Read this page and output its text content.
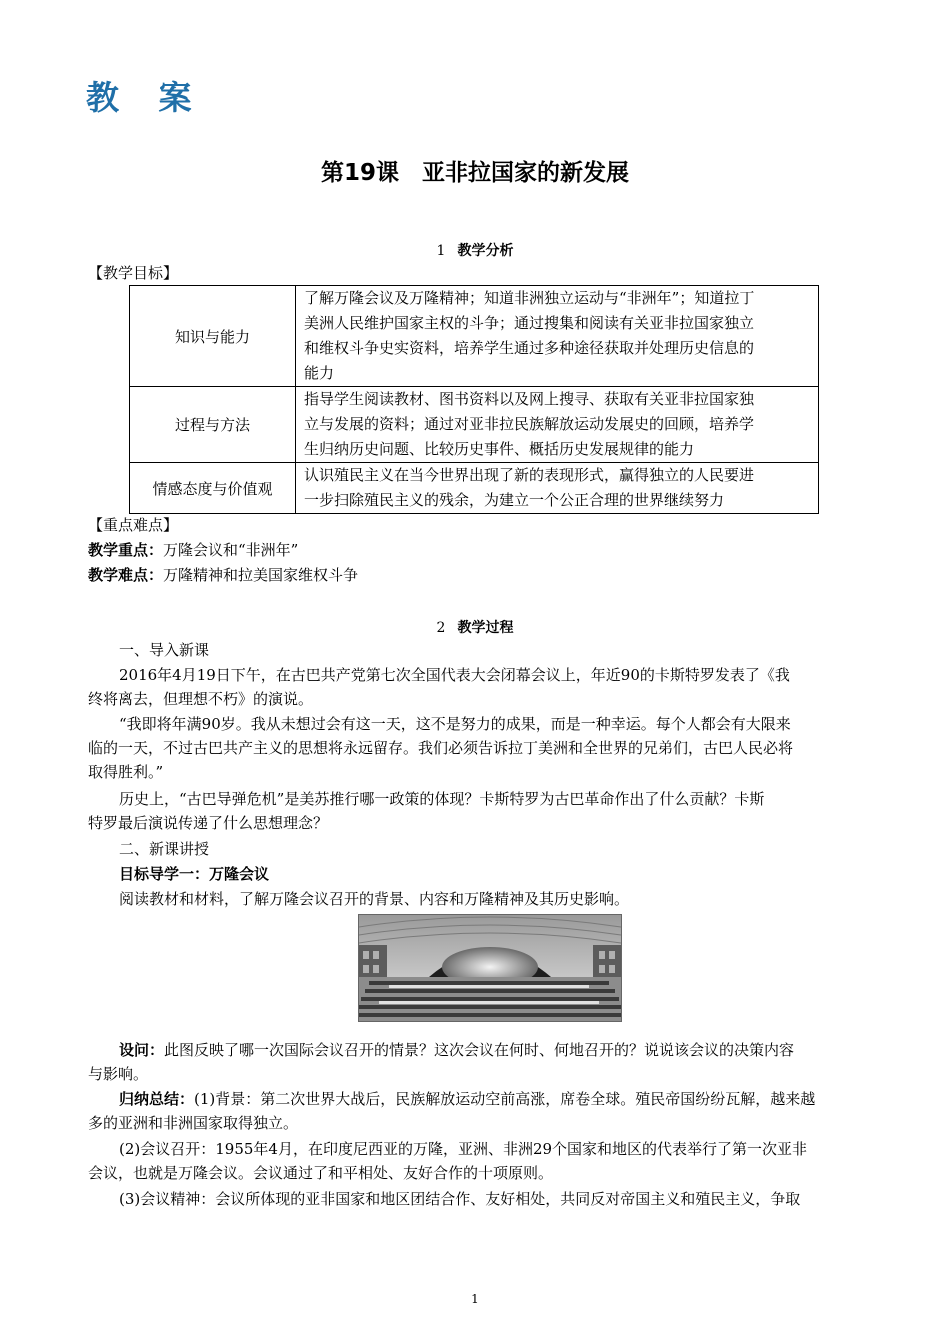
教 案
第19课　亚非拉国家的新发展
1 教学分析
【教学目标】
知识与能力	了解万隆会议及万隆精神；知道非洲独立运动与“非洲年”；知道拉丁
美洲人民维护国家主权的斗争；通过搜集和阅读有关亚非拉国家独立
和维权斗争史实资料，培养学生通过多种途径获取并处理历史信息的
能力

过程与方法	指导学生阅读教材、图书资料以及网上搜寻、获取有关亚非拉国家独
立与发展的资料；通过对亚非拉民族解放运动发展史的回顾，培养学
生归纳历史问题、比较历史事件、概括历史发展规律的能力

情感态度与价值观	认识殖民主义在当今世界出现了新的表现形式，赢得独立的人民要进
一步扫除殖民主义的残余，为建立一个公正合理的世界继续努力
【重点难点】
教学重点：万隆会议和“非洲年”
教学难点：万隆精神和拉美国家维权斗争
2 教学过程
一、导入新课
2016年4月19日下午，在古巴共产党第七次全国代表大会闭幕会议上，年近90的卡斯特罗发表了《我
终将离去，但理想不朽》的演说。
“我即将年满90岁。我从未想过会有这一天，这不是努力的成果，而是一种幸运。每个人都会有大限来
临的一天，不过古巴共产主义的思想将永远留存。我们必须告诉拉丁美洲和全世界的兄弟们，古巴人民必将
取得胜利。”
历史上，“古巴导弹危机”是美苏推行哪一政策的体现？卡斯特罗为古巴革命作出了什么贡献？卡斯
特罗最后演说传递了什么思想理念？
二、新课讲授
目标导学一：万隆会议
阅读教材和材料，了解万隆会议召开的背景、内容和万隆精神及其历史影响。
设问：此图反映了哪一次国际会议召开的情景？这次会议在何时、何地召开的？说说该会议的决策内容
与影响。
归纳总结：(1)背景：第二次世界大战后，民族解放运动空前高涨，席卷全球。殖民帝国纷纷瓦解，越来越
多的亚洲和非洲国家取得独立。
(2)会议召开：1955年4月，在印度尼西亚的万隆，亚洲、非洲29个国家和地区的代表举行了第一次亚非
会议，也就是万隆会议。会议通过了和平相处、友好合作的十项原则。
(3)会议精神：会议所体现的亚非国家和地区团结合作、友好相处，共同反对帝国主义和殖民主义，争取
1
